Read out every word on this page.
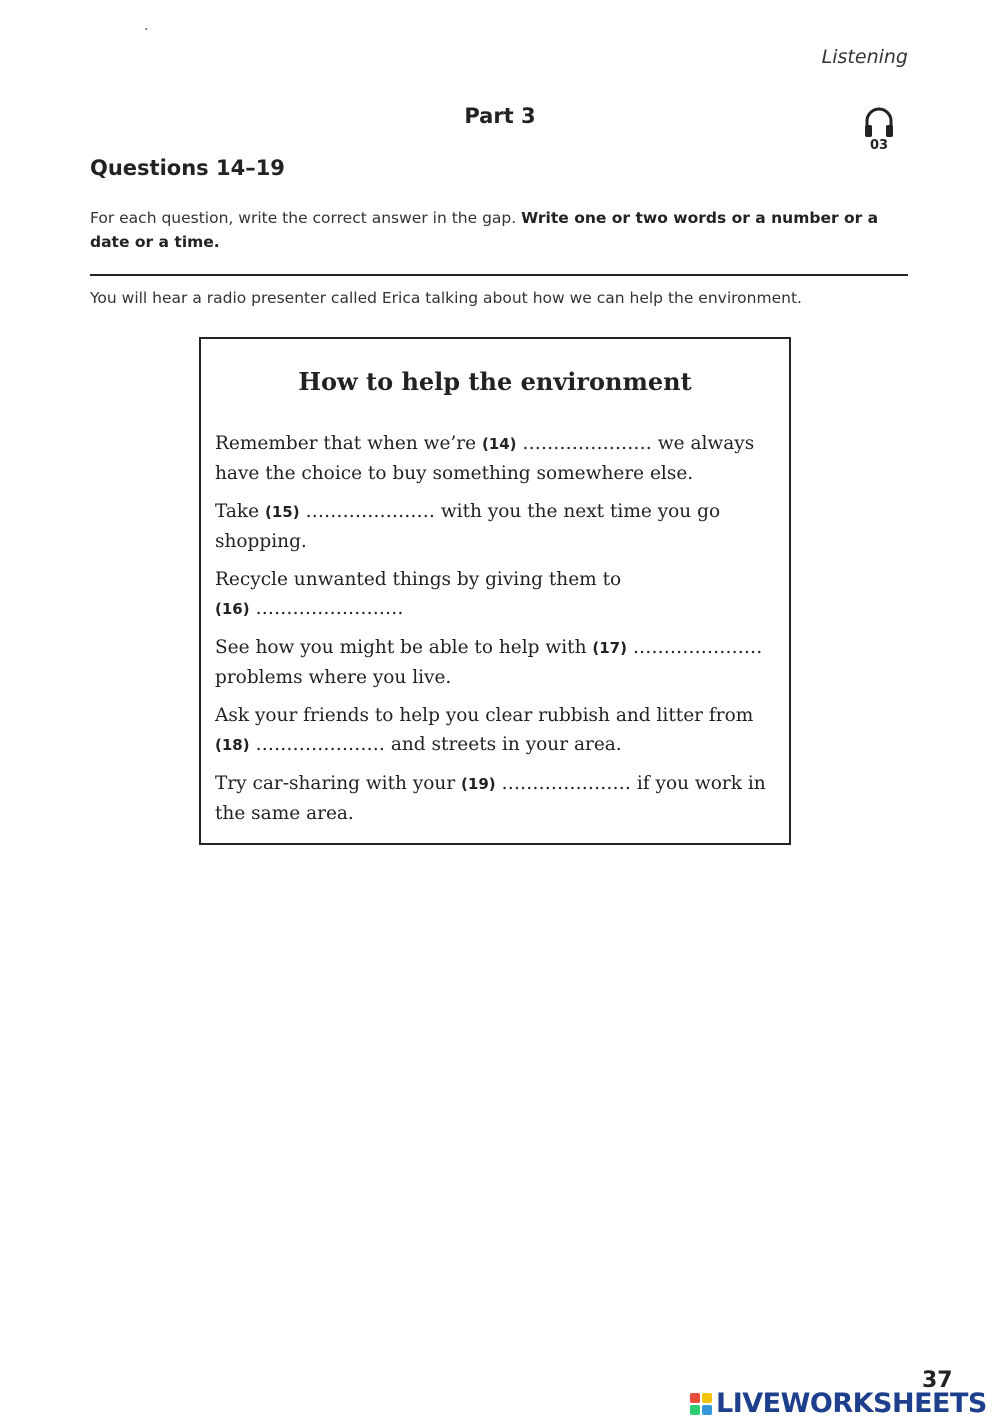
·
Listening
Part 3
03
Questions 14–19
For each question, write the correct answer in the gap. Write one or two words or a number or a date or a time.
You will hear a radio presenter called Erica talking about how we can help the environment.
How to help the environment
Remember that when we’re (14) ………………… we always have the choice to buy something somewhere else.
Take (15) ………………… with you the next time you go shopping.
Recycle unwanted things by giving them to
(16) ……………………
See how you might be able to help with (17) ………………… problems where you live.
Ask your friends to help you clear rubbish and litter from
(18) ………………… and streets in your area.
Try car-sharing with your (19) ………………… if you work in the same area.
37
LIVEWORKSHEETS
